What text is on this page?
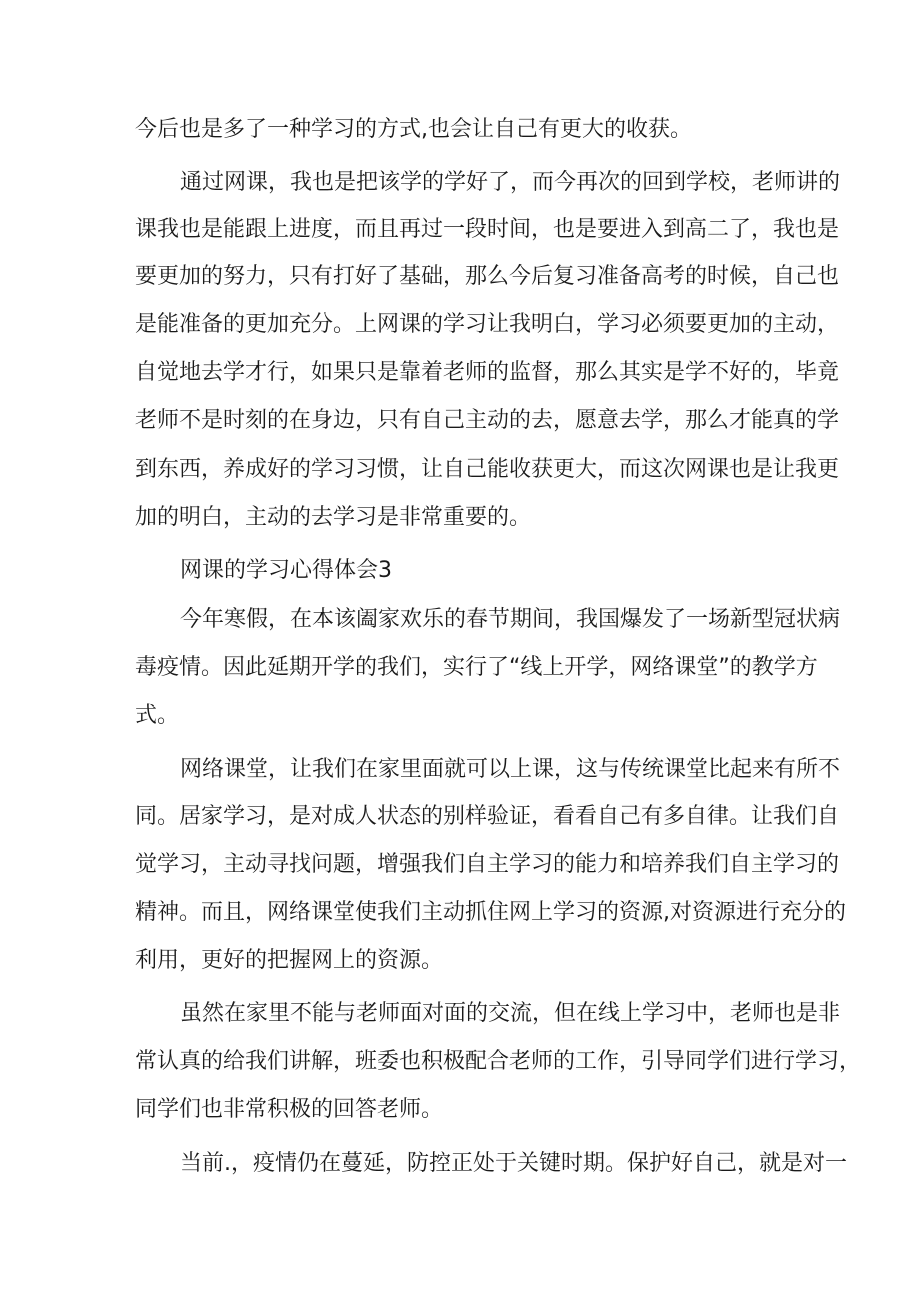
今后也是多了一种学习的方式,也会让自己有更大的收获。

通过网课，我也是把该学的学好了，而今再次的回到学校，老师讲的

课我也是能跟上进度，而且再过一段时间，也是要进入到高二了，我也是

要更加的努力，只有打好了基础，那么今后复习准备高考的时候，自己也

是能准备的更加充分。上网课的学习让我明白，学习必须要更加的主动，

自觉地去学才行，如果只是靠着老师的监督，那么其实是学不好的，毕竟

老师不是时刻的在身边，只有自己主动的去，愿意去学，那么才能真的学

到东西，养成好的学习习惯，让自己能收获更大，而这次网课也是让我更

加的明白，主动的去学习是非常重要的。

网课的学习心得体会3

今年寒假，在本该阖家欢乐的春节期间，我国爆发了一场新型冠状病

毒疫情。因此延期开学的我们，实行了“线上开学，网络课堂”的教学方

式。

网络课堂，让我们在家里面就可以上课，这与传统课堂比起来有所不

同。居家学习，是对成人状态的别样验证，看看自己有多自律。让我们自

觉学习，主动寻找问题，增强我们自主学习的能力和培养我们自主学习的

精神。而且，网络课堂使我们主动抓住网上学习的资源,对资源进行充分的

利用，更好的把握网上的资源。

虽然在家里不能与老师面对面的交流，但在线上学习中，老师也是非

常认真的给我们讲解，班委也积极配合老师的工作，引导同学们进行学习，

同学们也非常积极的回答老师。

当前.，疫情仍在蔓延，防控正处于关键时期。保护好自己，就是对一
